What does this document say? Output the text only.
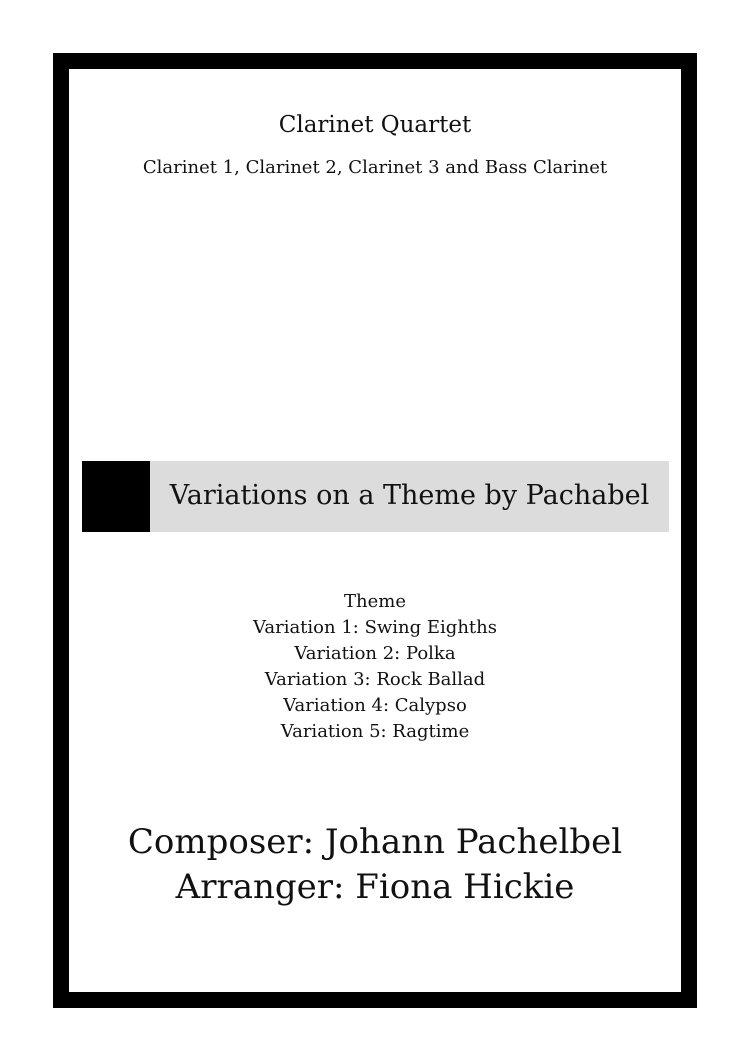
Clarinet Quartet

Clarinet 1, Clarinet 2, Clarinet 3 and Bass Clarinet

Variations on a Theme by Pachabel
Theme
Variation 1: Swing Eighths
Variation 2: Polka
Variation 3: Rock Ballad
Variation 4: Calypso
Variation 5: Ragtime

Composer: Johann Pachelbel

Arranger: Fiona Hickie
